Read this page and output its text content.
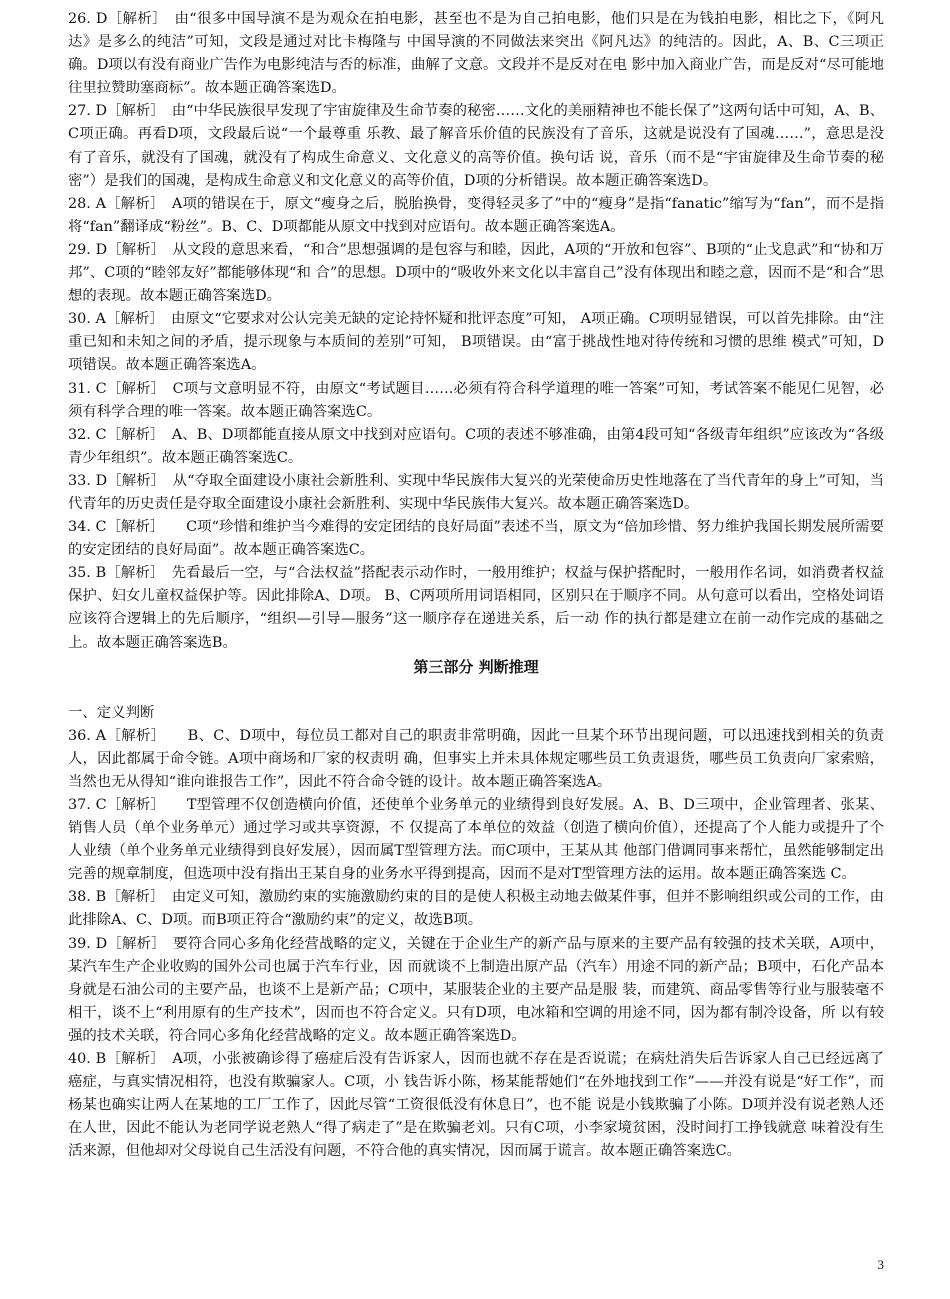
26. D［解析］　由“很多中国导演不是为观众在拍电影，甚至也不是为自己拍电影，他们只是在为钱拍电影，相比之下，《阿凡达》是多么的纯洁”可知，文段是通过对比卡梅隆与 中国导演的不同做法来突出《阿凡达》的纯洁的。因此，A、B、C三项正确。D项以有没有商业广告作为电影纯洁与否的标准，曲解了文意。文段并不是反对在电 影中加入商业广告，而是反对“尽可能地往里拉赞助塞商标”。故本题正确答案选D。

27. D［解析］　由“中华民族很早发现了宇宙旋律及生命节奏的秘密……文化的美丽精神也不能长保了”这两句话中可知，A、B、C项正确。再看D项，文段最后说“一个最尊重 乐教、最了解音乐价值的民族没有了音乐，这就是说没有了国魂……”，意思是没有了音乐，就没有了国魂，就没有了构成生命意义、文化意义的高等价值。换句话 说，音乐（而不是“宇宙旋律及生命节奏的秘密”）是我们的国魂，是构成生命意义和文化意义的高等价值，D项的分析错误。故本题正确答案选D。

28. A［解析］　A项的错误在于，原文“瘦身之后，脱胎换骨，变得轻灵多了”中的“瘦身”是指“fanatic”缩写为“fan”，而不是指将“fan”翻译成“粉丝”。B、C、D项都能从原文中找到对应语句。故本题正确答案选A。

29. D［解析］　从文段的意思来看，“和合”思想强调的是包容与和睦，因此，A项的“开放和包容”、B项的“止戈息武”和“协和万邦”、C项的“睦邻友好”都能够体现“和 合”的思想。D项中的“吸收外来文化以丰富自己”没有体现出和睦之意，因而不是“和合”思想的表现。故本题正确答案选D。

30. A［解析］　由原文“它要求对公认完美无缺的定论持怀疑和批评态度”可知， A项正确。C项明显错误，可以首先排除。由“注重已知和未知之间的矛盾，提示现象与本质间的差别”可知， B项错误。由“富于挑战性地对待传统和习惯的思维 模式”可知，D项错误。故本题正确答案选A。

31. C［解析］　C项与文意明显不符，由原文“考试题目……必须有符合科学道理的唯一答案”可知，考试答案不能见仁见智，必须有科学合理的唯一答案。故本题正确答案选C。

32. C［解析］　A、B、D项都能直接从原文中找到对应语句。C项的表述不够准确，由第4段可知“各级青年组织”应该改为“各级青少年组织”。故本题正确答案选C。

33. D［解析］　从“夺取全面建设小康社会新胜利、实现中华民族伟大复兴的光荣使命历史性地落在了当代青年的身上”可知，当代青年的历史责任是夺取全面建设小康社会新胜利、实现中华民族伟大复兴。故本题正确答案选D。

34. C［解析］　　C项“珍惜和维护当今难得的安定团结的良好局面”表述不当，原文为“倍加珍惜、努力维护我国长期发展所需要的安定团结的良好局面”。故本题正确答案选C。

35. B［解析］　先看最后一空，与“合法权益”搭配表示动作时，一般用维护；权益与保护搭配时，一般用作名词，如消费者权益保护、妇女儿童权益保护等。因此排除A、D项。 B、C两项所用词语相同，区别只在于顺序不同。从句意可以看出，空格处词语应该符合逻辑上的先后顺序，“组织—引导—服务”这一顺序存在递进关系，后一动 作的执行都是建立在前一动作完成的基础之上。故本题正确答案选B。

第三部分 判断推理

一、定义判断

36. A［解析］　　B、C、D项中，每位员工都对自己的职责非常明确，因此一旦某个环节出现问题，可以迅速找到相关的负责人，因此都属于命令链。A项中商场和厂家的权责明 确，但事实上并未具体规定哪些员工负责退货，哪些员工负责向厂家索赔，当然也无从得知“谁向谁报告工作”，因此不符合命令链的设计。故本题正确答案选A。

37. C［解析］　　T型管理不仅创造横向价值，还使单个业务单元的业绩得到良好发展。A、B、D三项中，企业管理者、张某、销售人员（单个业务单元）通过学习或共享资源，不 仅提高了本单位的效益（创造了横向价值），还提高了个人能力或提升了个人业绩（单个业务单元业绩得到良好发展），因而属T型管理方法。而C项中，王某从其 他部门借调同事来帮忙，虽然能够制定出完善的规章制度，但选项中没有指出王某自身的业务水平得到提高，因而不是对T型管理方法的运用。故本题正确答案选 C。

38. B［解析］　由定义可知，激励约束的实施激励约束的目的是使人积极主动地去做某件事，但并不影响组织或公司的工作，由此排除A、C、D项。而B项正符合“激励约束”的定义，故选B项。

39. D［解析］　要符合同心多角化经营战略的定义，关键在于企业生产的新产品与原来的主要产品有较强的技术关联，A项中，某汽车生产企业收购的国外公司也属于汽车行业，因 而就谈不上制造出原产品（汽车）用途不同的新产品；B项中，石化产品本身就是石油公司的主要产品，也谈不上是新产品；C项中，某服装企业的主要产品是服 装，而建筑、商品零售等行业与服装毫不相干，谈不上“利用原有的生产技术”，因而也不符合定义。只有D项，电冰箱和空调的用途不同，因为都有制冷设备，所 以有较强的技术关联，符合同心多角化经营战略的定义。故本题正确答案选D。

40. B［解析］　A项，小张被确诊得了癌症后没有告诉家人，因而也就不存在是否说谎；在病灶消失后告诉家人自己已经远离了癌症，与真实情况相符，也没有欺骗家人。C项，小 钱告诉小陈，杨某能帮她们“在外地找到工作”——并没有说是“好工作”，而杨某也确实让两人在某地的工厂工作了，因此尽管“工资很低没有休息日”，也不能 说是小钱欺骗了小陈。D项并没有说老熟人还在人世，因此不能认为老同学说老熟人“得了病走了”是在欺骗老刘。只有C项，小李家境贫困，没时间打工挣钱就意 味着没有生活来源，但他却对父母说自己生活没有问题，不符合他的真实情况，因而属于谎言。故本题正确答案选C。

3
